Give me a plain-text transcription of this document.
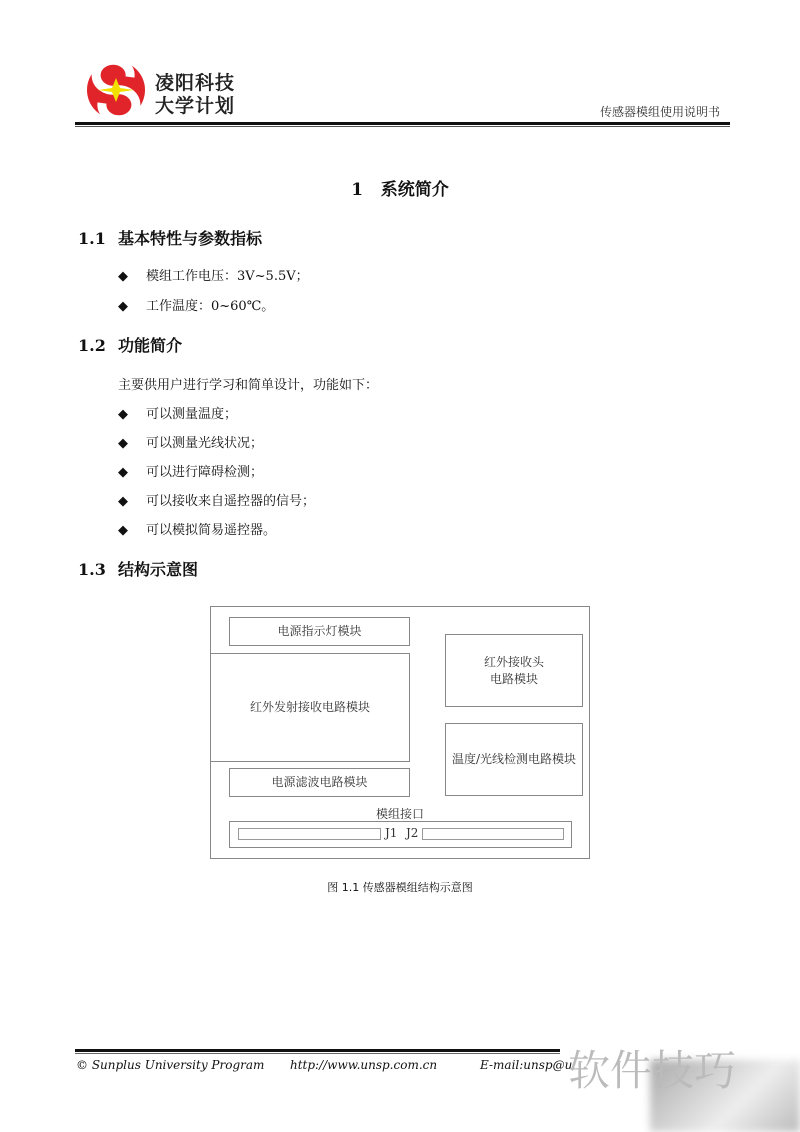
凌阳科技
大学计划	传感器模组使用说明书
1 系统简介
1.1 基本特性与参数指标
◆ 模组工作电压：3V~5.5V；
◆ 工作温度：0~60℃。
1.2 功能简介
主要供用户进行学习和简单设计，功能如下：
◆ 可以测量温度；
◆ 可以测量光线状况；
◆ 可以进行障碍检测；
◆ 可以接收来自遥控器的信号；
◆ 可以模拟简易遥控器。
1.3 结构示意图
电源指示灯模块
红外发射接收电路模块
电源滤波电路模块
红外接收头
电路模块
温度/光线检测电路模块
模组接口
J1 J2
图 1.1 传感器模组结构示意图
© Sunplus University Program http://www.unsp.com.cn	E-mail:unsp@u
软件技巧
